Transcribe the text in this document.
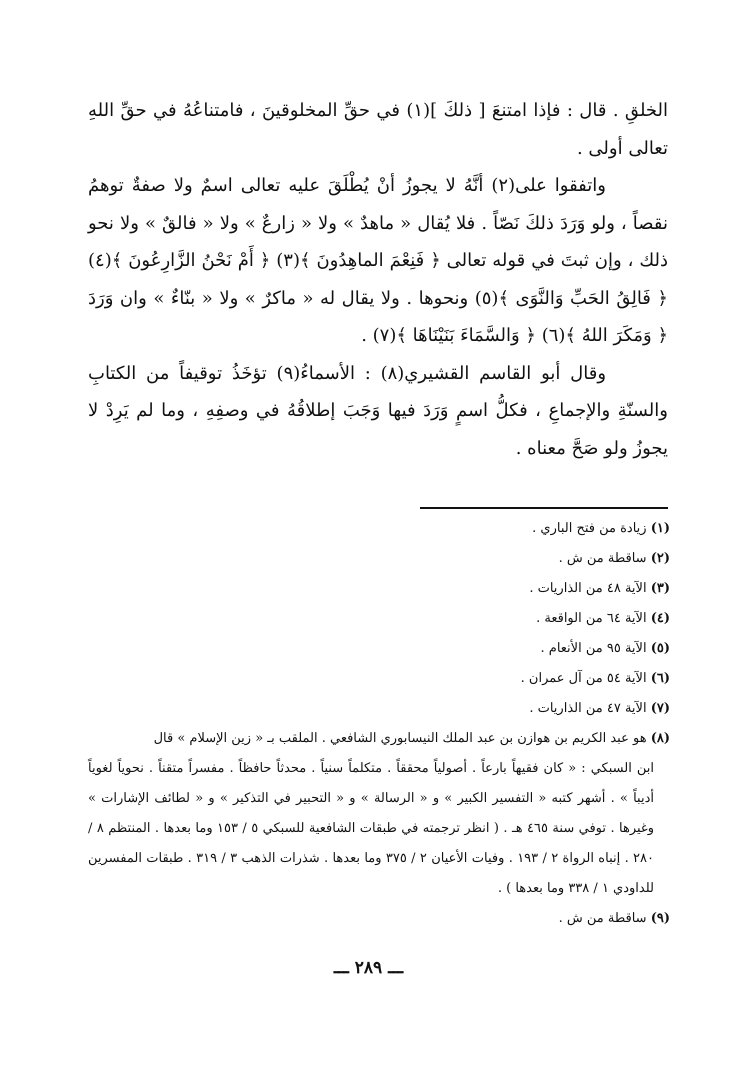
الخلقِ . قال : فإذا امتنعَ [ ذلكَ ](١) في حقِّ المخلوقينَ ، فامتناعُهُ في حقِّ اللهِ تعالى أولى .

واتفقوا على(٢) أنَّهُ لا يجوزُ أنْ يُطْلَقَ عليه تعالى اسمٌ ولا صفةٌ توهمُ نقصاً ، ولو وَرَدَ ذلكَ نَصّاً . فلا يُقال « ماهدٌ » ولا « زارعٌ » ولا « فالقٌ » ولا نحو ذلك ، وإن ثبتَ في قوله تعالى ﴿ فَنِعْمَ الماهِدُونَ ﴾(٣) ﴿ أَمْ نَحْنُ الزَّارِعُونَ ﴾(٤) ﴿ فَالِقُ الحَبِّ وَالنَّوَى ﴾(٥) ونحوها . ولا يقال له « ماكرٌ » ولا « بنّاءٌ » وان وَرَدَ ﴿ وَمَكَرَ اللهُ ﴾(٦) ﴿ وَالسَّمَاءَ بَنَيْنَاهَا ﴾(٧) .

وقال أبو القاسم القشيري(٨) : الأسماءُ(٩) تؤخَذُ توقيفاً من الكتابِ والسنّةِ والإجماعِ ، فكلُّ اسمٍ وَرَدَ فيها وَجَبَ إطلاقُهُ في وصفِهِ ، وما لم يَرِدْ لا يجوزُ ولو صَحَّ معناه .

(١) زيادة من فتح الباري .

(٢) ساقطة من ش .

(٣) الآية ٤٨ من الذاريات .

(٤) الآية ٦٤ من الواقعة .

(٥) الآية ٩٥ من الأنعام .

(٦) الآية ٥٤ من آل عمران .

(٧) الآية ٤٧ من الذاريات .

(٨) هو عبد الكريم بن هوازن بن عبد الملك النيسابوري الشافعي . الملقب بـ « زين الإسلام » قال
ابن السبكي : « كان فقيهاً بارعاً . أصولياً محققاً . متكلماً سنياً . محدثاً حافظاً . مفسراً متقناً . نحوياً لغوياً أديباً » . أشهر كتبه « التفسير الكبير » و « الرسالة » و « التحبير في التذكير » و « لطائف الإشارات » وغيرها . توفي سنة ٤٦٥ هـ . ( انظر ترجمته في طبقات الشافعية للسبكي ٥ / ١٥٣ وما بعدها . المنتظم ٨ / ٢٨٠ . إنباه الرواة ٢ / ١٩٣ . وفيات الأعيان ٢ / ٣٧٥ وما بعدها . شذرات الذهب ٣ / ٣١٩ . طبقات المفسرين للداودي ١ / ٣٣٨ وما بعدها ) .

(٩) ساقطة من ش .

ـــ ٢٨٩ ـــ
